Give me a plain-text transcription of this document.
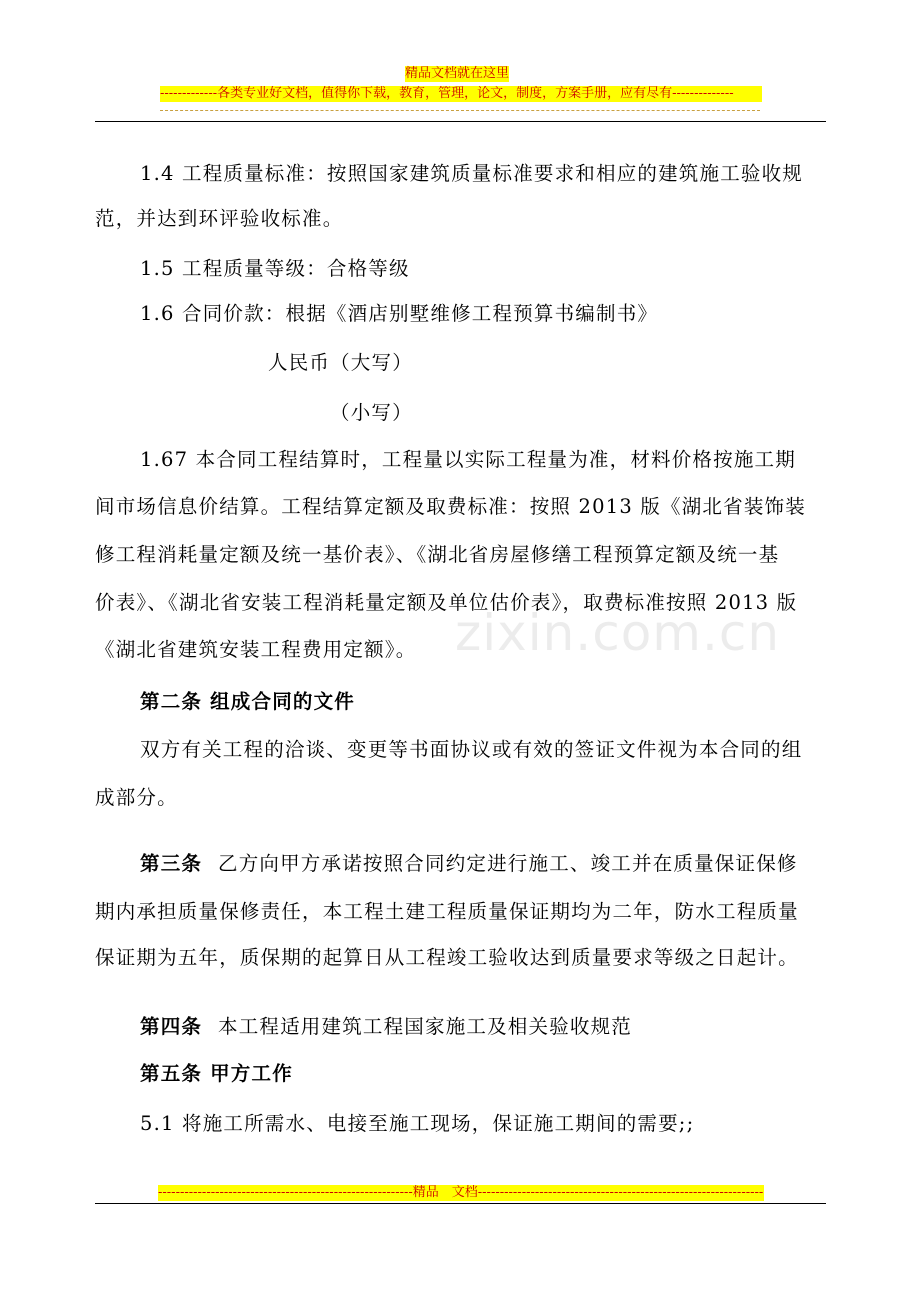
zixin.com.cn
精品文档就在这里
-------------各类专业好文档，值得你下载，教育，管理，论文，制度，方案手册，应有尽有--------------
1.4 工程质量标准：按照国家建筑质量标准要求和相应的建筑施工验收规
范，并达到环评验收标准。
1.5 工程质量等级：合格等级
1.6 合同价款：根据《酒店别墅维修工程预算书编制书》
人民币（大写）
（小写）
1.67 本合同工程结算时，工程量以实际工程量为准，材料价格按施工期
间市场信息价结算。工程结算定额及取费标准：按照 2013 版《湖北省装饰装
修工程消耗量定额及统一基价表》、《湖北省房屋修缮工程预算定额及统一基
价表》、《湖北省安装工程消耗量定额及单位估价表》，取费标准按照 2013 版
《湖北省建筑安装工程费用定额》。
第二条 组成合同的文件
双方有关工程的洽谈、变更等书面协议或有效的签证文件视为本合同的组
成部分。
第三条 乙方向甲方承诺按照合同约定进行施工、竣工并在质量保证保修
期内承担质量保修责任，本工程土建工程质量保证期均为二年，防水工程质量
保证期为五年，质保期的起算日从工程竣工验收达到质量要求等级之日起计。
第四条 本工程适用建筑工程国家施工及相关验收规范
第五条 甲方工作
5.1 将施工所需水、电接至施工现场，保证施工期间的需要;;
----------------------------------------------------------精品　文档-----------------------------------------------------------------
